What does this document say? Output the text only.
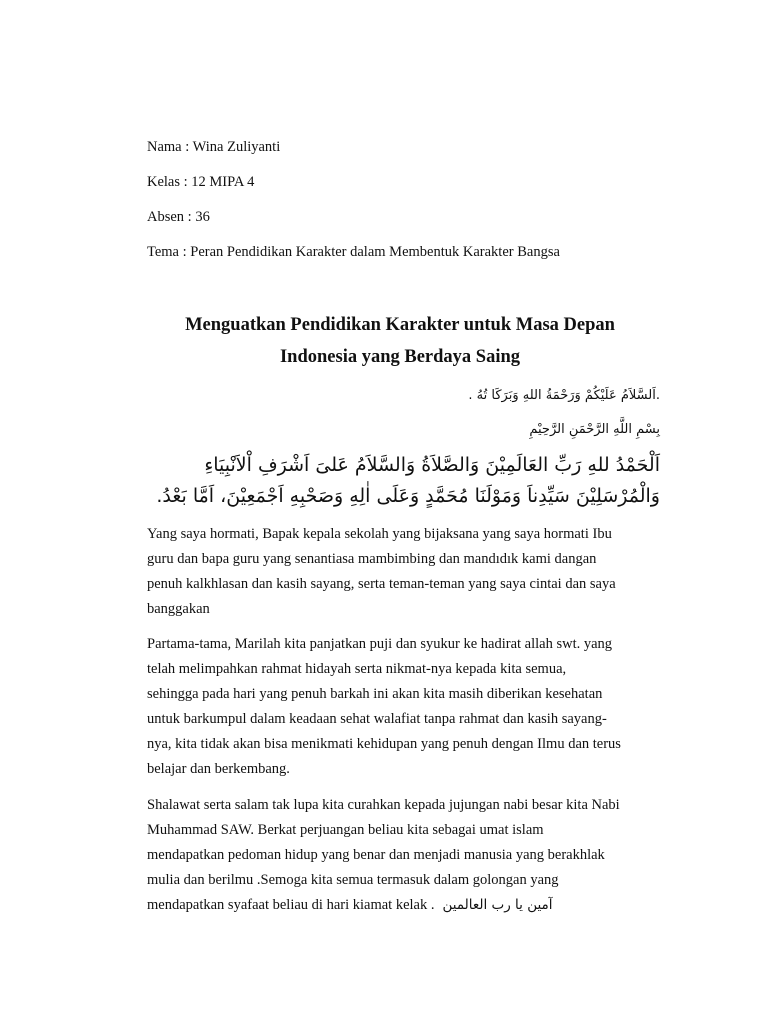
Nama : Wina Zuliyanti
Kelas : 12 MIPA 4
Absen : 36
Tema : Peran Pendidikan Karakter dalam Membentuk Karakter Bangsa
Menguatkan Pendidikan Karakter untuk Masa Depan
Indonesia yang Berdaya Saing
.اَلسَّلاَمُ عَلَيْكُمْ وَرَحْمَةُ اللهِ وَبَرَكَا تُهُ .
بِسْمِ اللَّهِ الرَّحْمَنِ الرَّحِيْمِ
اَلْحَمْدُ للهِ رَبِّ العَالَمِيْنَ وَالصَّلاَةُ وَالسَّلاَمُ عَلىَ اَشْرَفِ اْلاَنْبِيَاءِ
وَالْمُرْسَلِيْنَ سَيِّدِناَ وَمَوْلَنَا مُحَمَّدٍ وَعَلَى اٰلِهِ وَصَحْبِهِ اَجْمَعِيْنَ، اَمَّا بَعْدُ.
Yang saya hormati, Bapak kepala sekolah yang bijaksana yang saya hormati Ibu
guru dan bapa guru yang senantiasa mambimbing dan mandıdık kami dangan
penuh kalkhlasan dan kasih sayang, serta teman-teman yang saya cintai dan saya
banggakan
Partama-tama, Marilah kita panjatkan puji dan syukur ke hadirat allah swt. yang
telah melimpahkan rahmat hidayah serta nikmat-nya kepada kita semua,
sehingga pada hari yang penuh barkah ini akan kita masih diberikan kesehatan
untuk barkumpul dalam keadaan sehat walafiat tanpa rahmat dan kasih sayang-
nya, kita tidak akan bisa menikmati kehidupan yang penuh dengan Ilmu dan terus
belajar dan berkembang.
Shalawat serta salam tak lupa kita curahkan kepada jujungan nabi besar kita Nabi
Muhammad SAW. Berkat perjuangan beliau kita sebagai umat islam
mendapatkan pedoman hidup yang benar dan menjadi manusia yang berakhlak
mulia dan berilmu .Semoga kita semua termasuk dalam golongan yang
mendapatkan syafaat beliau di hari kiamat kelak . آمين يا رب العالمين
